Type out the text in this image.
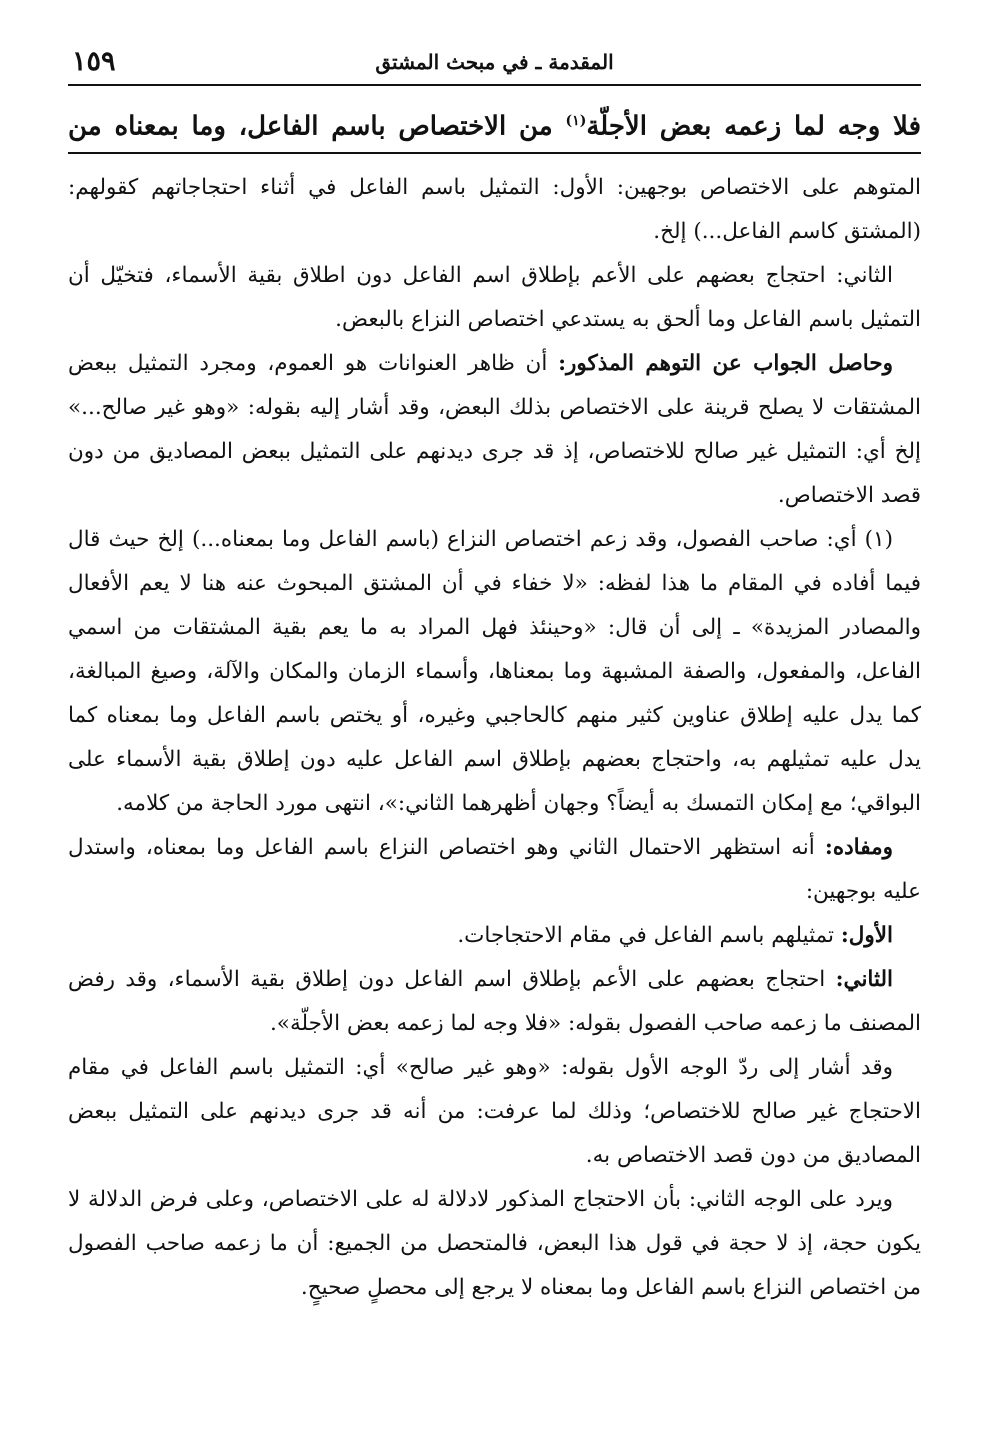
١٥٩	المقدمة ـ في مبحث المشتق
فلا وجه لما زعمه بعض الأجلّة$^{(١)}$ من الاختصاص باسم الفاعل، وما بمعناه من

المتوهم على الاختصاص بوجهين: الأول: التمثيل باسم الفاعل في أثناء احتجاجاتهم كقولهم: (المشتق كاسم الفاعل...) إلخ.

الثاني: احتجاج بعضهم على الأعم بإطلاق اسم الفاعل دون اطلاق بقية الأسماء، فتخيّل أن التمثيل باسم الفاعل وما ألحق به يستدعي اختصاص النزاع بالبعض.

وحاصل الجواب عن التوهم المذكور: أن ظاهر العنوانات هو العموم، ومجرد التمثيل ببعض المشتقات لا يصلح قرينة على الاختصاص بذلك البعض، وقد أشار إليه بقوله: «وهو غير صالح...» إلخ أي: التمثيل غير صالح للاختصاص، إذ قد جرى ديدنهم على التمثيل ببعض المصاديق من دون قصد الاختصاص.

(١) أي: صاحب الفصول، وقد زعم اختصاص النزاع (باسم الفاعل وما بمعناه...) إلخ حيث قال فيما أفاده في المقام ما هذا لفظه: «لا خفاء في أن المشتق المبحوث عنه هنا لا يعم الأفعال والمصادر المزيدة» ـ إلى أن قال: «وحينئذ فهل المراد به ما يعم بقية المشتقات من اسمي الفاعل، والمفعول، والصفة المشبهة وما بمعناها، وأسماء الزمان والمكان والآلة، وصيغ المبالغة، كما يدل عليه إطلاق عناوين كثير منهم كالحاجبي وغيره، أو يختص باسم الفاعل وما بمعناه كما يدل عليه تمثيلهم به، واحتجاج بعضهم بإطلاق اسم الفاعل عليه دون إطلاق بقية الأسماء على البواقي؛ مع إمكان التمسك به أيضاً؟ وجهان أظهرهما الثاني:»، انتهى مورد الحاجة من كلامه.

ومفاده: أنه استظهر الاحتمال الثاني وهو اختصاص النزاع باسم الفاعل وما بمعناه، واستدل عليه بوجهين:

الأول: تمثيلهم باسم الفاعل في مقام الاحتجاجات.

الثاني: احتجاج بعضهم على الأعم بإطلاق اسم الفاعل دون إطلاق بقية الأسماء، وقد رفض المصنف ما زعمه صاحب الفصول بقوله: «فلا وجه لما زعمه بعض الأجلّة».

وقد أشار إلى ردّ الوجه الأول بقوله: «وهو غير صالح» أي: التمثيل باسم الفاعل في مقام الاحتجاج غير صالح للاختصاص؛ وذلك لما عرفت: من أنه قد جرى ديدنهم على التمثيل ببعض المصاديق من دون قصد الاختصاص به.

ويرد على الوجه الثاني: بأن الاحتجاج المذكور لادلالة له على الاختصاص، وعلى فرض الدلالة لا يكون حجة، إذ لا حجة في قول هذا البعض، فالمتحصل من الجميع: أن ما زعمه صاحب الفصول من اختصاص النزاع باسم الفاعل وما بمعناه لا يرجع إلى محصلٍ صحيحٍ.
